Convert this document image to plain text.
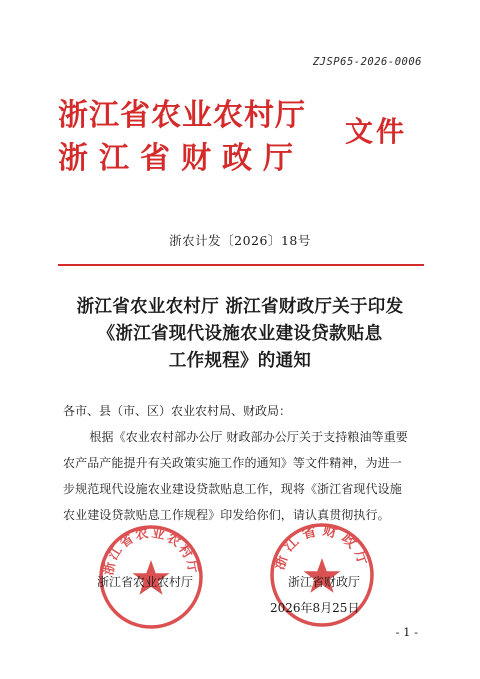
ZJSP65-2026-0006
浙江省农业农村厅
浙江省财政厅
文件
浙农计发〔2026〕18号
浙江省农业农村厅 浙江省财政厅关于印发
《浙江省现代设施农业建设贷款贴息
工作规程》的通知
各市、县（市、区）农业农村局、财政局：
根据《农业农村部办公厅 财政部办公厅关于支持粮油等重要
农产品产能提升有关政策实施工作的通知》等文件精神，为进一
步规范现代设施农业建设贷款贴息工作，现将《浙江省现代设施
农业建设贷款贴息工作规程》印发给你们，请认真贯彻执行。
浙江省农业农村厅	浙江省财政厅
浙江省农业农村厅	浙江省财政厅
2026年8月25日
- 1 -
